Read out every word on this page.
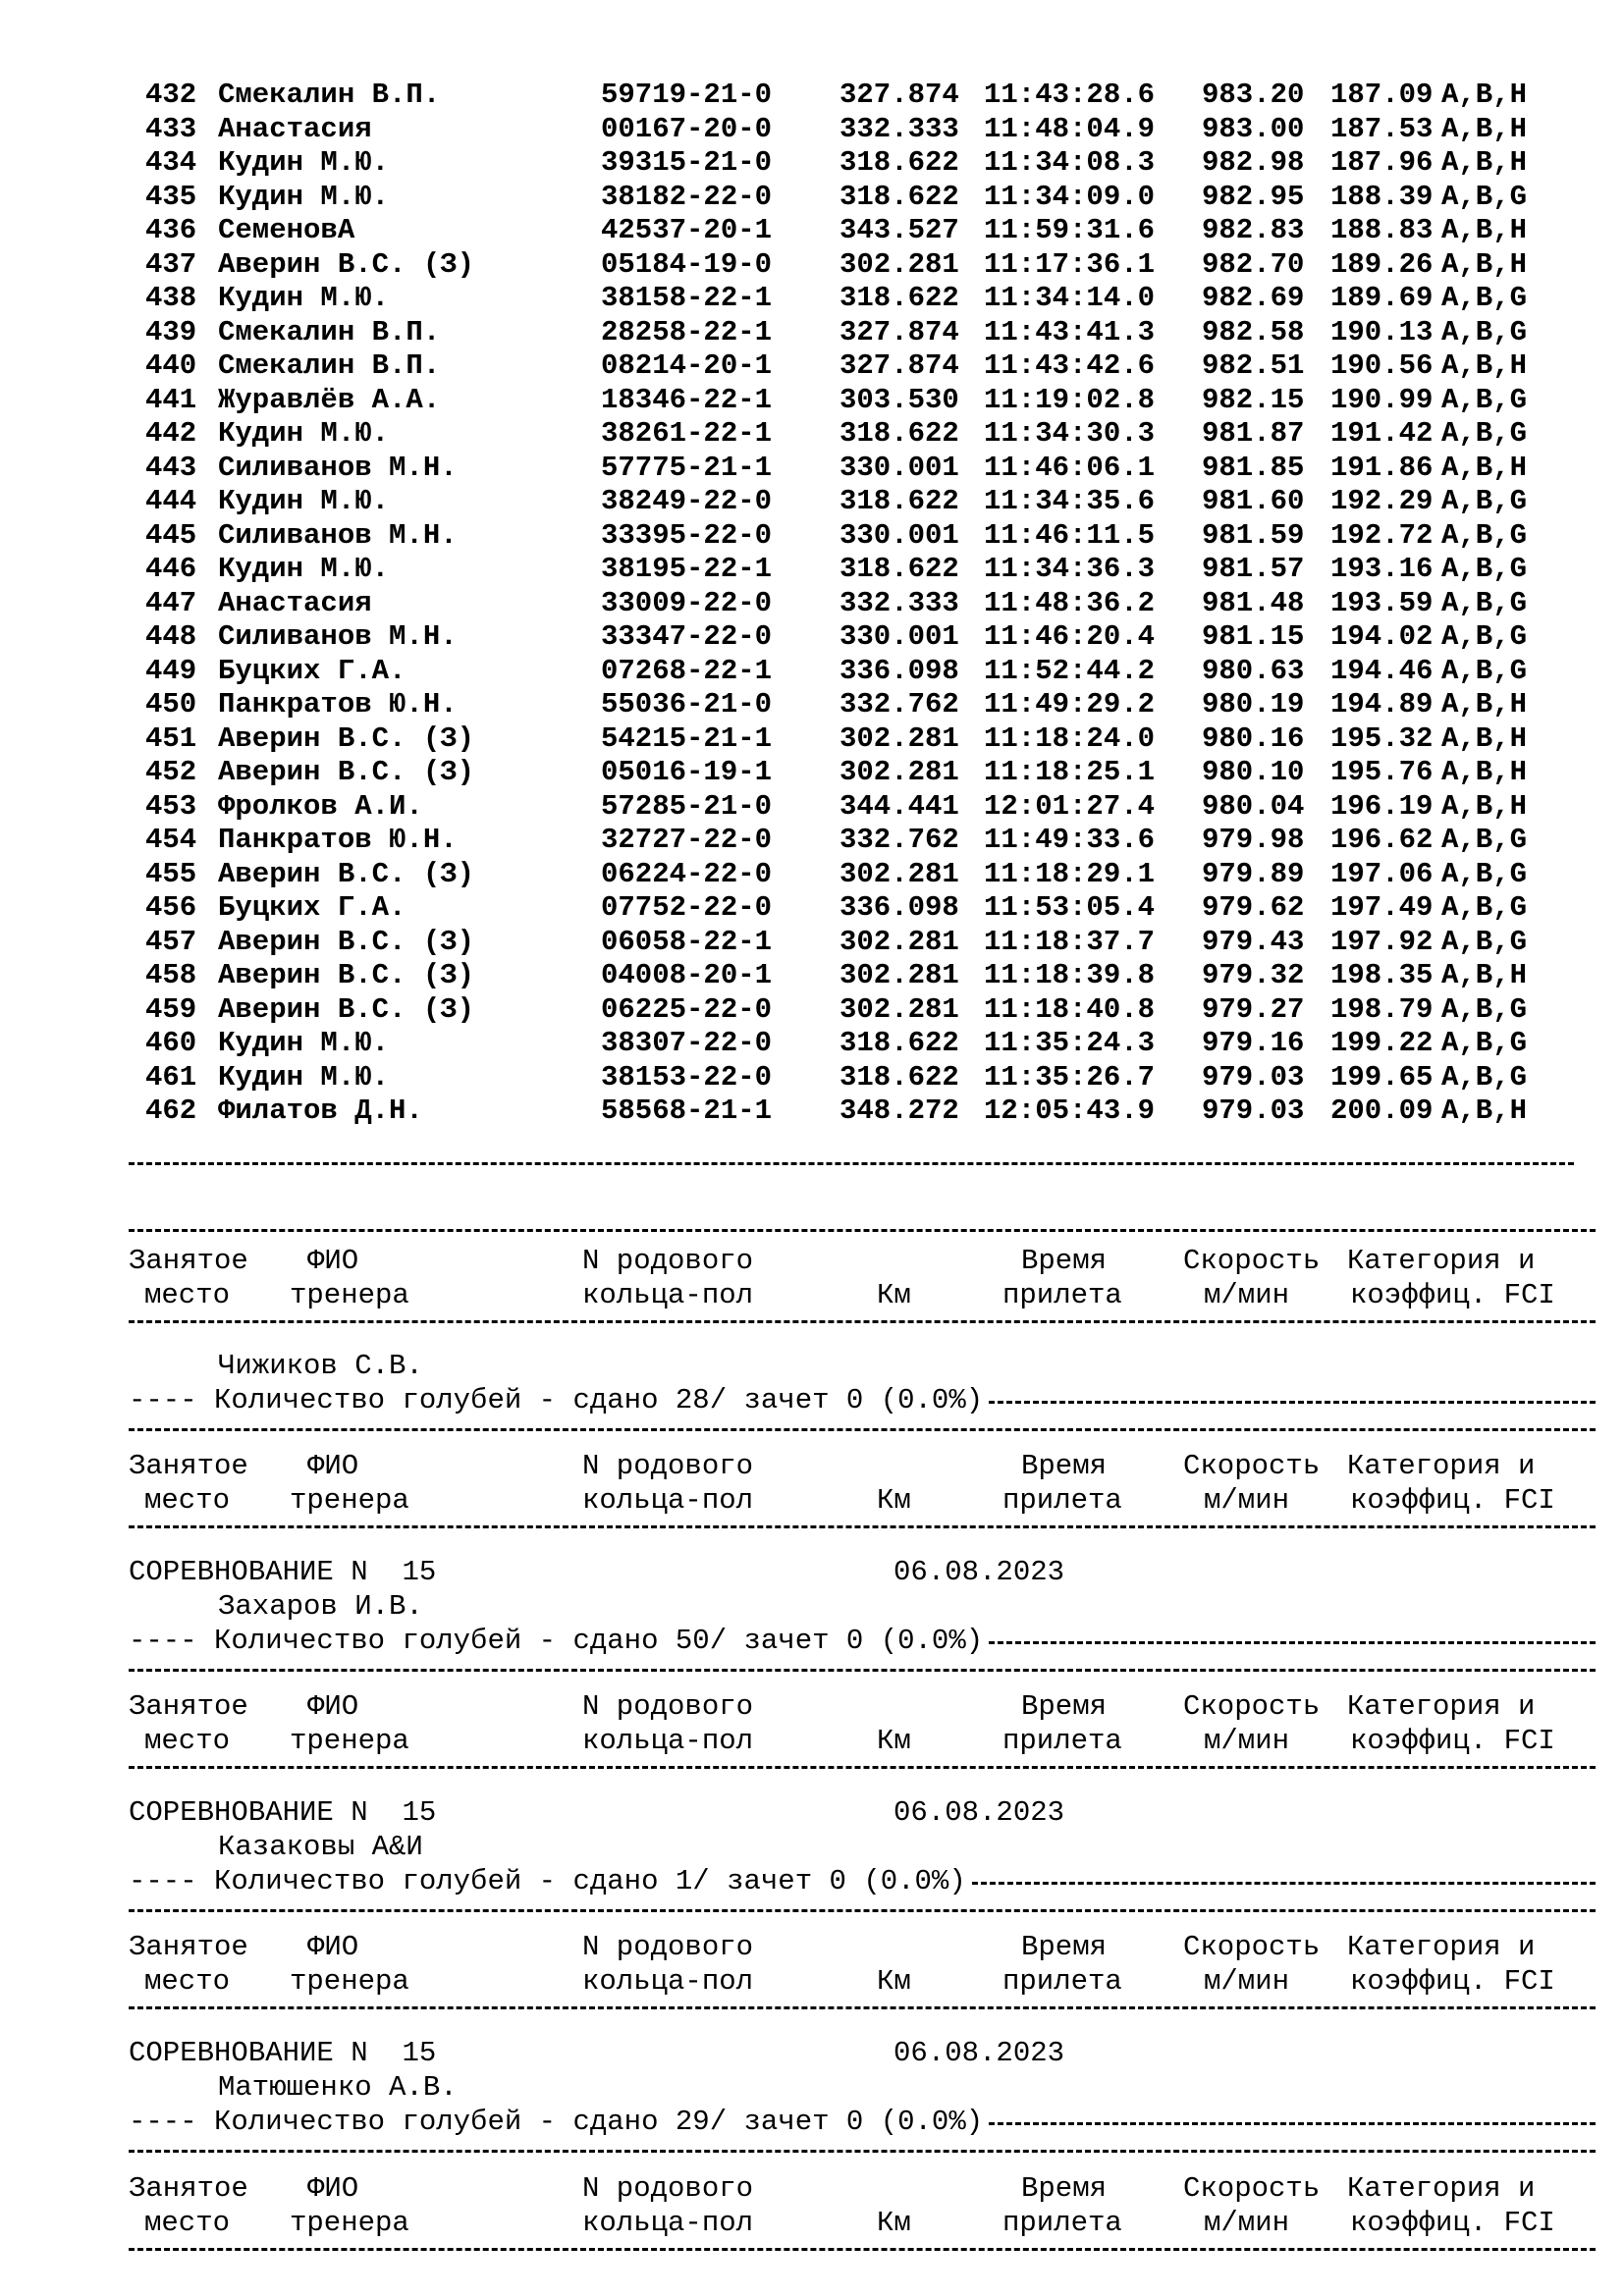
432 Смекалин В.П.	59719-21-0 327.874 11:43:28.6 983.20 187.09 A,B,H
433 Анастасия	00167-20-0 332.333 11:48:04.9 983.00 187.53 A,B,H
434 Кудин М.Ю.	39315-21-0 318.622 11:34:08.3 982.98 187.96 A,B,H
435 Кудин М.Ю.	38182-22-0 318.622 11:34:09.0 982.95 188.39 A,B,G
436 СеменовА	42537-20-1 343.527 11:59:31.6 982.83 188.83 A,B,H
437 Аверин В.С. (З)	05184-19-0 302.281 11:17:36.1 982.70 189.26 A,B,H
438 Кудин М.Ю.	38158-22-1 318.622 11:34:14.0 982.69 189.69 A,B,G
439 Смекалин В.П.	28258-22-1 327.874 11:43:41.3 982.58 190.13 A,B,G
440 Смекалин В.П.	08214-20-1 327.874 11:43:42.6 982.51 190.56 A,B,H
441 Журавлёв А.А.	18346-22-1 303.530 11:19:02.8 982.15 190.99 A,B,G
442 Кудин М.Ю.	38261-22-1 318.622 11:34:30.3 981.87 191.42 A,B,G
443 Силиванов М.Н.	57775-21-1 330.001 11:46:06.1 981.85 191.86 A,B,H
444 Кудин М.Ю.	38249-22-0 318.622 11:34:35.6 981.60 192.29 A,B,G
445 Силиванов М.Н.	33395-22-0 330.001 11:46:11.5 981.59 192.72 A,B,G
446 Кудин М.Ю.	38195-22-1 318.622 11:34:36.3 981.57 193.16 A,B,G
447 Анастасия	33009-22-0 332.333 11:48:36.2 981.48 193.59 A,B,G
448 Силиванов М.Н.	33347-22-0 330.001 11:46:20.4 981.15 194.02 A,B,G
449 Буцких Г.А.	07268-22-1 336.098 11:52:44.2 980.63 194.46 A,B,G
450 Панкратов Ю.Н.	55036-21-0 332.762 11:49:29.2 980.19 194.89 A,B,H
451 Аверин В.С. (З)	54215-21-1 302.281 11:18:24.0 980.16 195.32 A,B,H
452 Аверин В.С. (З)	05016-19-1 302.281 11:18:25.1 980.10 195.76 A,B,H
453 Фролков А.И.	57285-21-0 344.441 12:01:27.4 980.04 196.19 A,B,H
454 Панкратов Ю.Н.	32727-22-0 332.762 11:49:33.6 979.98 196.62 A,B,G
455 Аверин В.С. (З)	06224-22-0 302.281 11:18:29.1 979.89 197.06 A,B,G
456 Буцких Г.А.	07752-22-0 336.098 11:53:05.4 979.62 197.49 A,B,G
457 Аверин В.С. (З)	06058-22-1 302.281 11:18:37.7 979.43 197.92 A,B,G
458 Аверин В.С. (З)	04008-20-1 302.281 11:18:39.8 979.32 198.35 A,B,H
459 Аверин В.С. (З)	06225-22-0 302.281 11:18:40.8 979.27 198.79 A,B,G
460 Кудин М.Ю.	38307-22-0 318.622 11:35:24.3 979.16 199.22 A,B,G
461 Кудин М.Ю.	38153-22-0 318.622 11:35:26.7 979.03 199.65 A,B,G
462 Филатов Д.Н.	58568-21-1 348.272 12:05:43.9 979.03 200.09 A,B,H
Занятое ФИО	N родового	Время	Скорость Категория и
место тренера	кольца-пол	Км	прилета	м/мин коэффиц. FCI
Чижиков С.В.
---- Количество голубей - сдано 28/ зачет 0 (0.0%)
Занятое ФИО	N родового	Время	Скорость Категория и
место тренера	кольца-пол	Км	прилета	м/мин коэффиц. FCI
СОРЕВНОВАНИЕ N  15	06.08.2023
Захаров И.В.
---- Количество голубей - сдано 50/ зачет 0 (0.0%)
Занятое ФИО	N родового	Время	Скорость Категория и
место тренера	кольца-пол	Км	прилета	м/мин коэффиц. FCI
СОРЕВНОВАНИЕ N  15	06.08.2023
Казаковы А&И
---- Количество голубей - сдано 1/ зачет 0 (0.0%)
Занятое ФИО	N родового	Время	Скорость Категория и
место тренера	кольца-пол	Км	прилета	м/мин коэффиц. FCI
СОРЕВНОВАНИЕ N  15	06.08.2023
Матюшенко А.В.
---- Количество голубей - сдано 29/ зачет 0 (0.0%)
Занятое ФИО	N родового	Время	Скорость Категория и
место тренера	кольца-пол	Км	прилета	м/мин коэффиц. FCI
